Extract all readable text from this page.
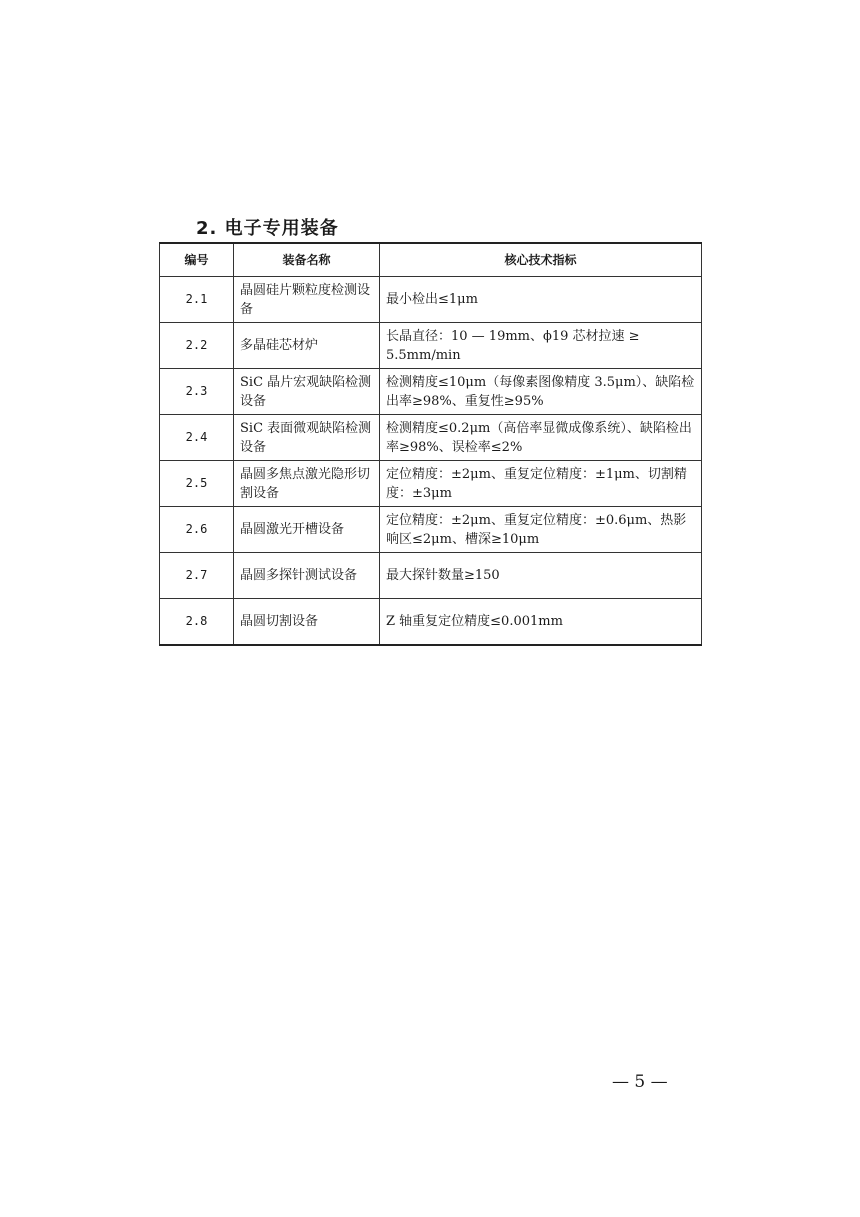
2. 电子专用装备
编号	装备名称	核心技术指标
2.1	晶圆硅片颗粒度检测设备	最小检出≤1μm
2.2	多晶硅芯材炉	长晶直径：10 — 19mm、ϕ19 芯材拉速 ≥ 5.5mm/min
2.3	SiC 晶片宏观缺陷检测设备	检测精度≤10μm（每像素图像精度 3.5μm）、缺陷检出率≥98%、重复性≥95%
2.4	SiC 表面微观缺陷检测设备	检测精度≤0.2μm（高倍率显微成像系统）、缺陷检出率≥98%、误检率≤2%
2.5	晶圆多焦点激光隐形切割设备	定位精度：±2μm、重复定位精度：±1μm、切割精度：±3μm
2.6	晶圆激光开槽设备	定位精度：±2μm、重复定位精度：±0.6μm、热影响区≤2μm、槽深≥10μm
2.7	晶圆多探针测试设备	最大探针数量≥150
2.8	晶圆切割设备	Z 轴重复定位精度≤0.001mm
— 5 —
